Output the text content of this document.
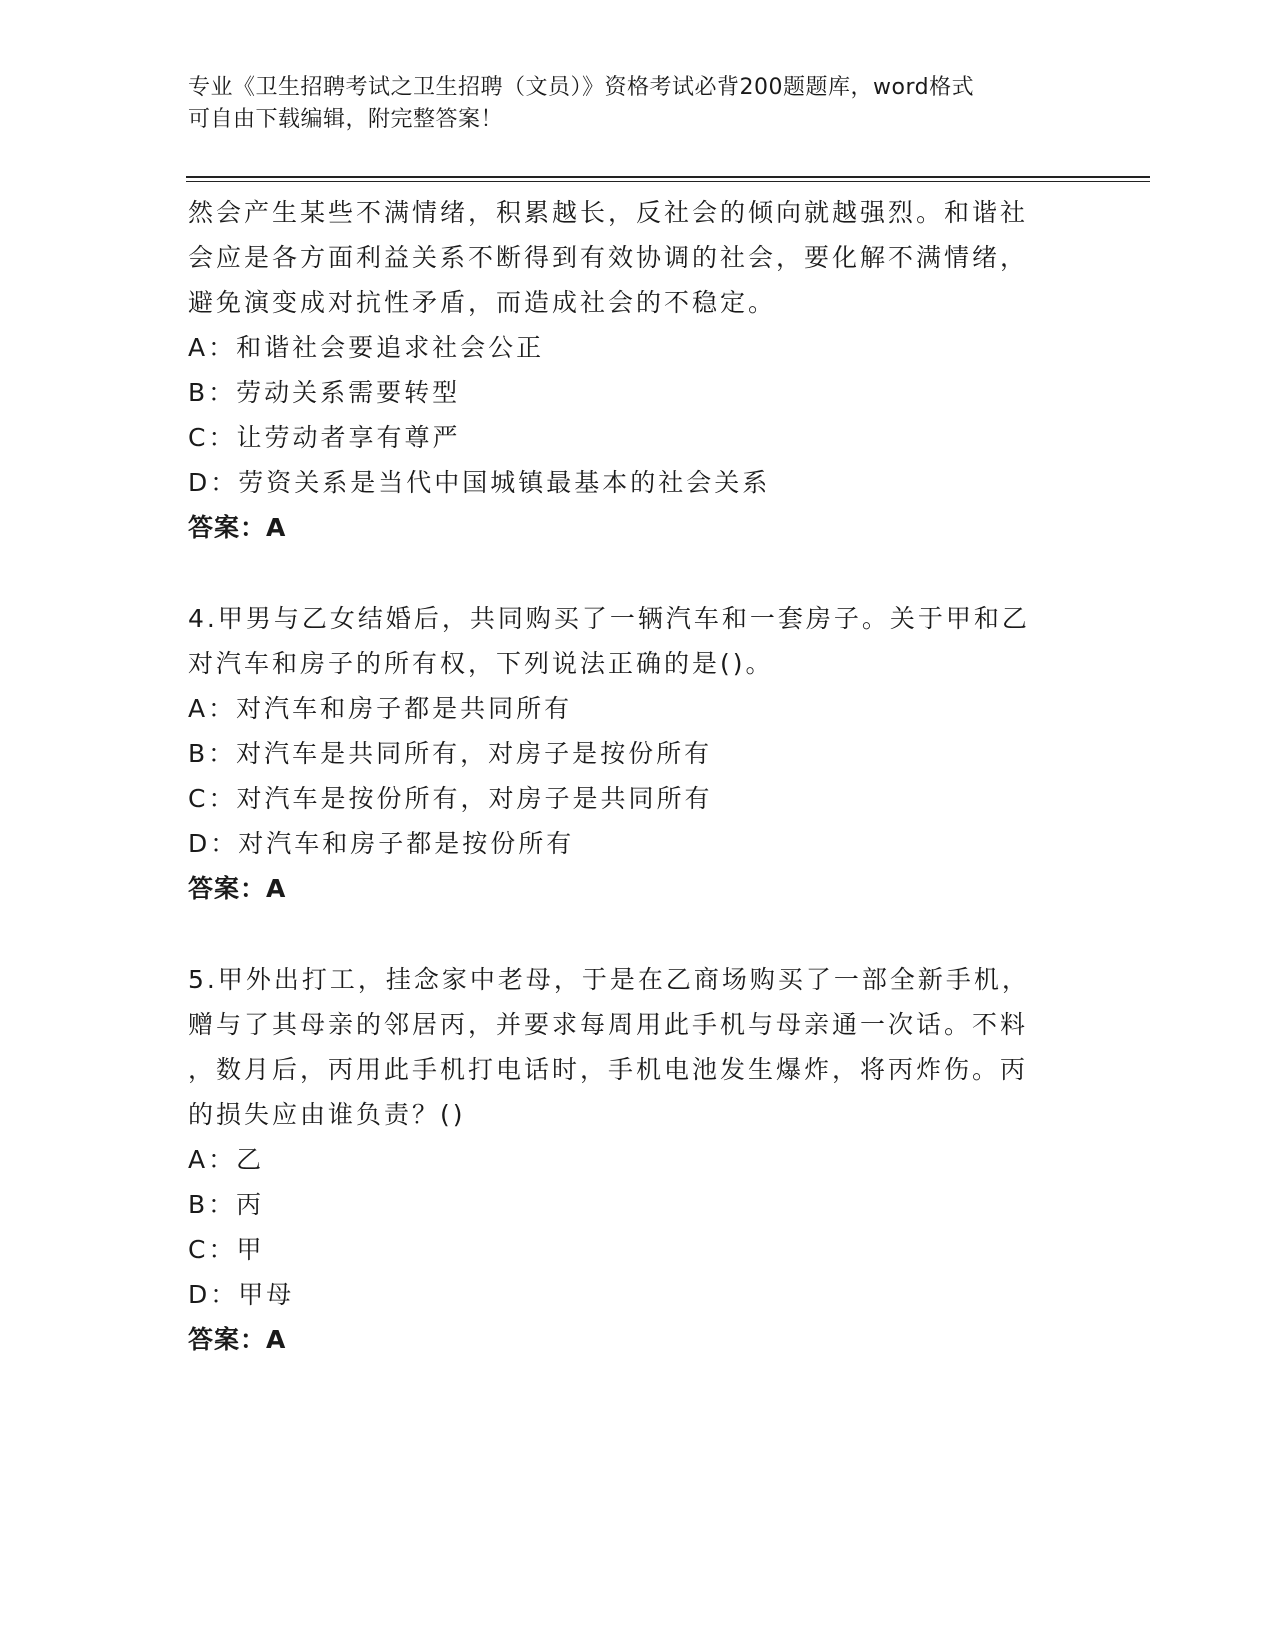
专业《卫生招聘考试之卫生招聘（文员）》资格考试必背200题题库，word格式
可自由下载编辑，附完整答案！

然会产生某些不满情绪，积累越长，反社会的倾向就越强烈。和谐社

会应是各方面利益关系不断得到有效协调的社会，要化解不满情绪，

避免演变成对抗性矛盾，而造成社会的不稳定。

A：和谐社会要追求社会公正

B：劳动关系需要转型

C：让劳动者享有尊严

D：劳资关系是当代中国城镇最基本的社会关系

答案：A

4.甲男与乙女结婚后，共同购买了一辆汽车和一套房子。关于甲和乙

对汽车和房子的所有权，下列说法正确的是()。

A：对汽车和房子都是共同所有

B：对汽车是共同所有，对房子是按份所有

C：对汽车是按份所有，对房子是共同所有

D：对汽车和房子都是按份所有

答案：A

5.甲外出打工，挂念家中老母，于是在乙商场购买了一部全新手机，

赠与了其母亲的邻居丙，并要求每周用此手机与母亲通一次话。不料

，数月后，丙用此手机打电话时，手机电池发生爆炸，将丙炸伤。丙

的损失应由谁负责？()

A：乙

B：丙

C：甲

D：甲母

答案：A
